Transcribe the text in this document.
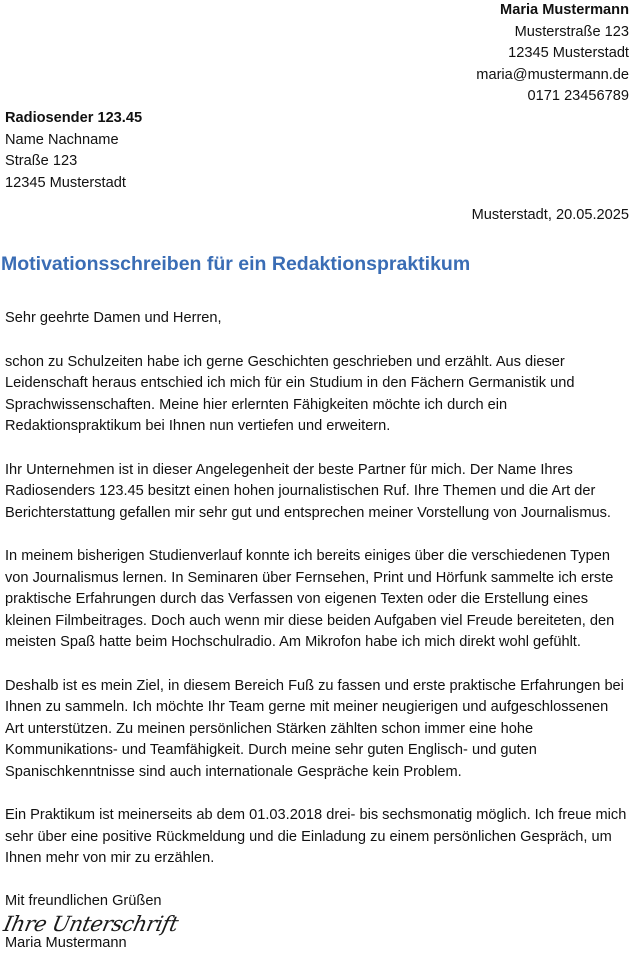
Maria Mustermann
Musterstraße 123
12345 Musterstadt
maria@mustermann.de
0171 23456789
Radiosender 123.45
Name Nachname
Straße 123
12345 Musterstadt
Musterstadt, 20.05.2025
Motivationsschreiben für ein Redaktionspraktikum

Sehr geehrte Damen und Herren,

schon zu Schulzeiten habe ich gerne Geschichten geschrieben und erzählt. Aus dieser Leidenschaft heraus entschied ich mich für ein Studium in den Fächern Germanistik und Sprachwissenschaften. Meine hier erlernten Fähigkeiten möchte ich durch ein Redaktionspraktikum bei Ihnen nun vertiefen und erweitern.

Ihr Unternehmen ist in dieser Angelegenheit der beste Partner für mich. Der Name Ihres Radiosenders 123.45 besitzt einen hohen journalistischen Ruf. Ihre Themen und die Art der Berichterstattung gefallen mir sehr gut und entsprechen meiner Vorstellung von Journalismus.

In meinem bisherigen Studienverlauf konnte ich bereits einiges über die verschiedenen Typen von Journalismus lernen. In Seminaren über Fernsehen, Print und Hörfunk sammelte ich erste praktische Erfahrungen durch das Verfassen von eigenen Texten oder die Erstellung eines kleinen Filmbeitrages. Doch auch wenn mir diese beiden Aufgaben viel Freude bereiteten, den meisten Spaß hatte beim Hochschulradio. Am Mikrofon habe ich mich direkt wohl gefühlt.

Deshalb ist es mein Ziel, in diesem Bereich Fuß zu fassen und erste praktische Erfahrungen bei Ihnen zu sammeln. Ich möchte Ihr Team gerne mit meiner neugierigen und aufgeschlossenen Art unterstützen. Zu meinen persönlichen Stärken zählten schon immer eine hohe Kommunikations- und Teamfähigkeit. Durch meine sehr guten Englisch- und guten Spanischkenntnisse sind auch internationale Gespräche kein Problem.

Ein Praktikum ist meinerseits ab dem 01.03.2018 drei- bis sechsmonatig möglich. Ich freue mich sehr über eine positive Rückmeldung und die Einladung zu einem persönlichen Gespräch, um Ihnen mehr von mir zu erzählen.

Mit freundlichen Grüßen
Ihre Unterschrift
Maria Mustermann
